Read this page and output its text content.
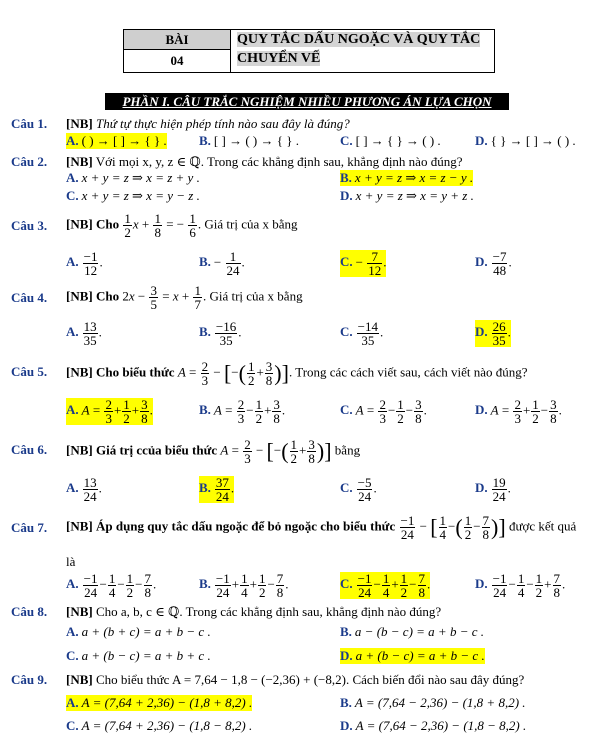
BÀI	QUY TẮC DẤU NGOẶC VÀ QUY TẮC
CHUYỂN VẾ
04
PHẦN I. CÂU TRẮC NGHIỆM NHIỀU PHƯƠNG ÁN LỰA CHỌN
Câu 1. [NB] Thứ tự thực hiện phép tính nào sau đây là đúng?
A. ( ) → [ ] → { } . B. [ ] → ( ) → { } .	C. [ ] → { } → ( ) .	D. { } → [ ] → ( ) .
Câu 2. [NB] Với mọi x, y, z ∈ ℚ. Trong các khẳng định sau, khẳng định nào đúng?
A. x + y = z ⇒ x = z + y .	B. x + y = z ⇒ x = z − y .
C. x + y = z ⇒ x = y − z .	D. x + y = z ⇒ x = y + z .
Câu 3. [NB] Cho $\frac{1}{2}$ $x + \frac{1}{8}$ = − $\frac{1}{6}$ . Giá trị của x bằng
A. $\frac{-1}{12}$ .	B. − $\frac{1}{24}$ .	C. − $\frac{7}{12}$ .	D. $\frac{-7}{48}$ .
Câu 4. [NB] Cho $2x - \frac{3}{5} = x + \frac{1}{7}$ . Giá trị của x bằng
A. $\frac{13}{35}$ .	B. $\frac{-16}{35}$ .	C. $\frac{-14}{35}$ .	D. $\frac{26}{35}$ .
Câu 5. [NB] Cho biểu thức $A = \frac{2}{3}$ − [−( $\frac{1}{2} + \frac{3}{8}$ )]. Trong các cách viết sau, cách viết nào đúng?
A. $A = \frac{2}{3} + \frac{1}{2} + \frac{3}{8}$ .	B. $A = \frac{2}{3} - \frac{1}{2} + \frac{3}{8}$ .	C. $A = \frac{2}{3} - \frac{1}{2} - \frac{3}{8}$ .	D. $A = \frac{2}{3} + \frac{1}{2} - \frac{3}{8}$ .
Câu 6. [NB] Giá trị ccủa biểu thức $A = \frac{2}{3}$ − [−( $\frac{1}{2} + \frac{3}{8}$ )] bằng
A. $\frac{13}{24}$ .	B. $\frac{37}{24}$ .	C. $\frac{-5}{24}$ .	D. $\frac{19}{24}$ .
Câu 7. [NB] Áp dụng quy tắc dấu ngoặc để bỏ ngoặc cho biểu thức $\frac{-1}{24}$ − [ $\frac{1}{4}$ −( $\frac{1}{2} - \frac{7}{8}$ )] được kết quả
là
A. $\frac{-1}{24} - \frac{1}{4} - \frac{1}{2} - \frac{7}{8}$ .	B. $\frac{-1}{24} + \frac{1}{4} + \frac{1}{2} - \frac{7}{8}$ .	C. $\frac{-1}{24} - \frac{1}{4} + \frac{1}{2} - \frac{7}{8}$ .	D. $\frac{-1}{24} - \frac{1}{4} - \frac{1}{2} + \frac{7}{8}$ .
Câu 8. [NB] Cho a, b, c ∈ ℚ. Trong các khẳng định sau, khẳng định nào đúng?
A. a + (b + c) = a + b − c .	B. a − (b − c) = a + b − c .
C. a + (b − c) = a + b + c .	D. a + (b − c) = a + b − c .
Câu 9. [NB] Cho biểu thức A = 7,64 − 1,8 − (−2,36) + (−8,2). Cách biến đổi nào sau đây đúng?
A. A = (7,64 + 2,36) − (1,8 + 8,2) .	B. A = (7,64 − 2,36) − (1,8 + 8,2) .
C. A = (7,64 + 2,36) − (1,8 − 8,2) .	D. A = (7,64 − 2,36) − (1,8 − 8,2) .
